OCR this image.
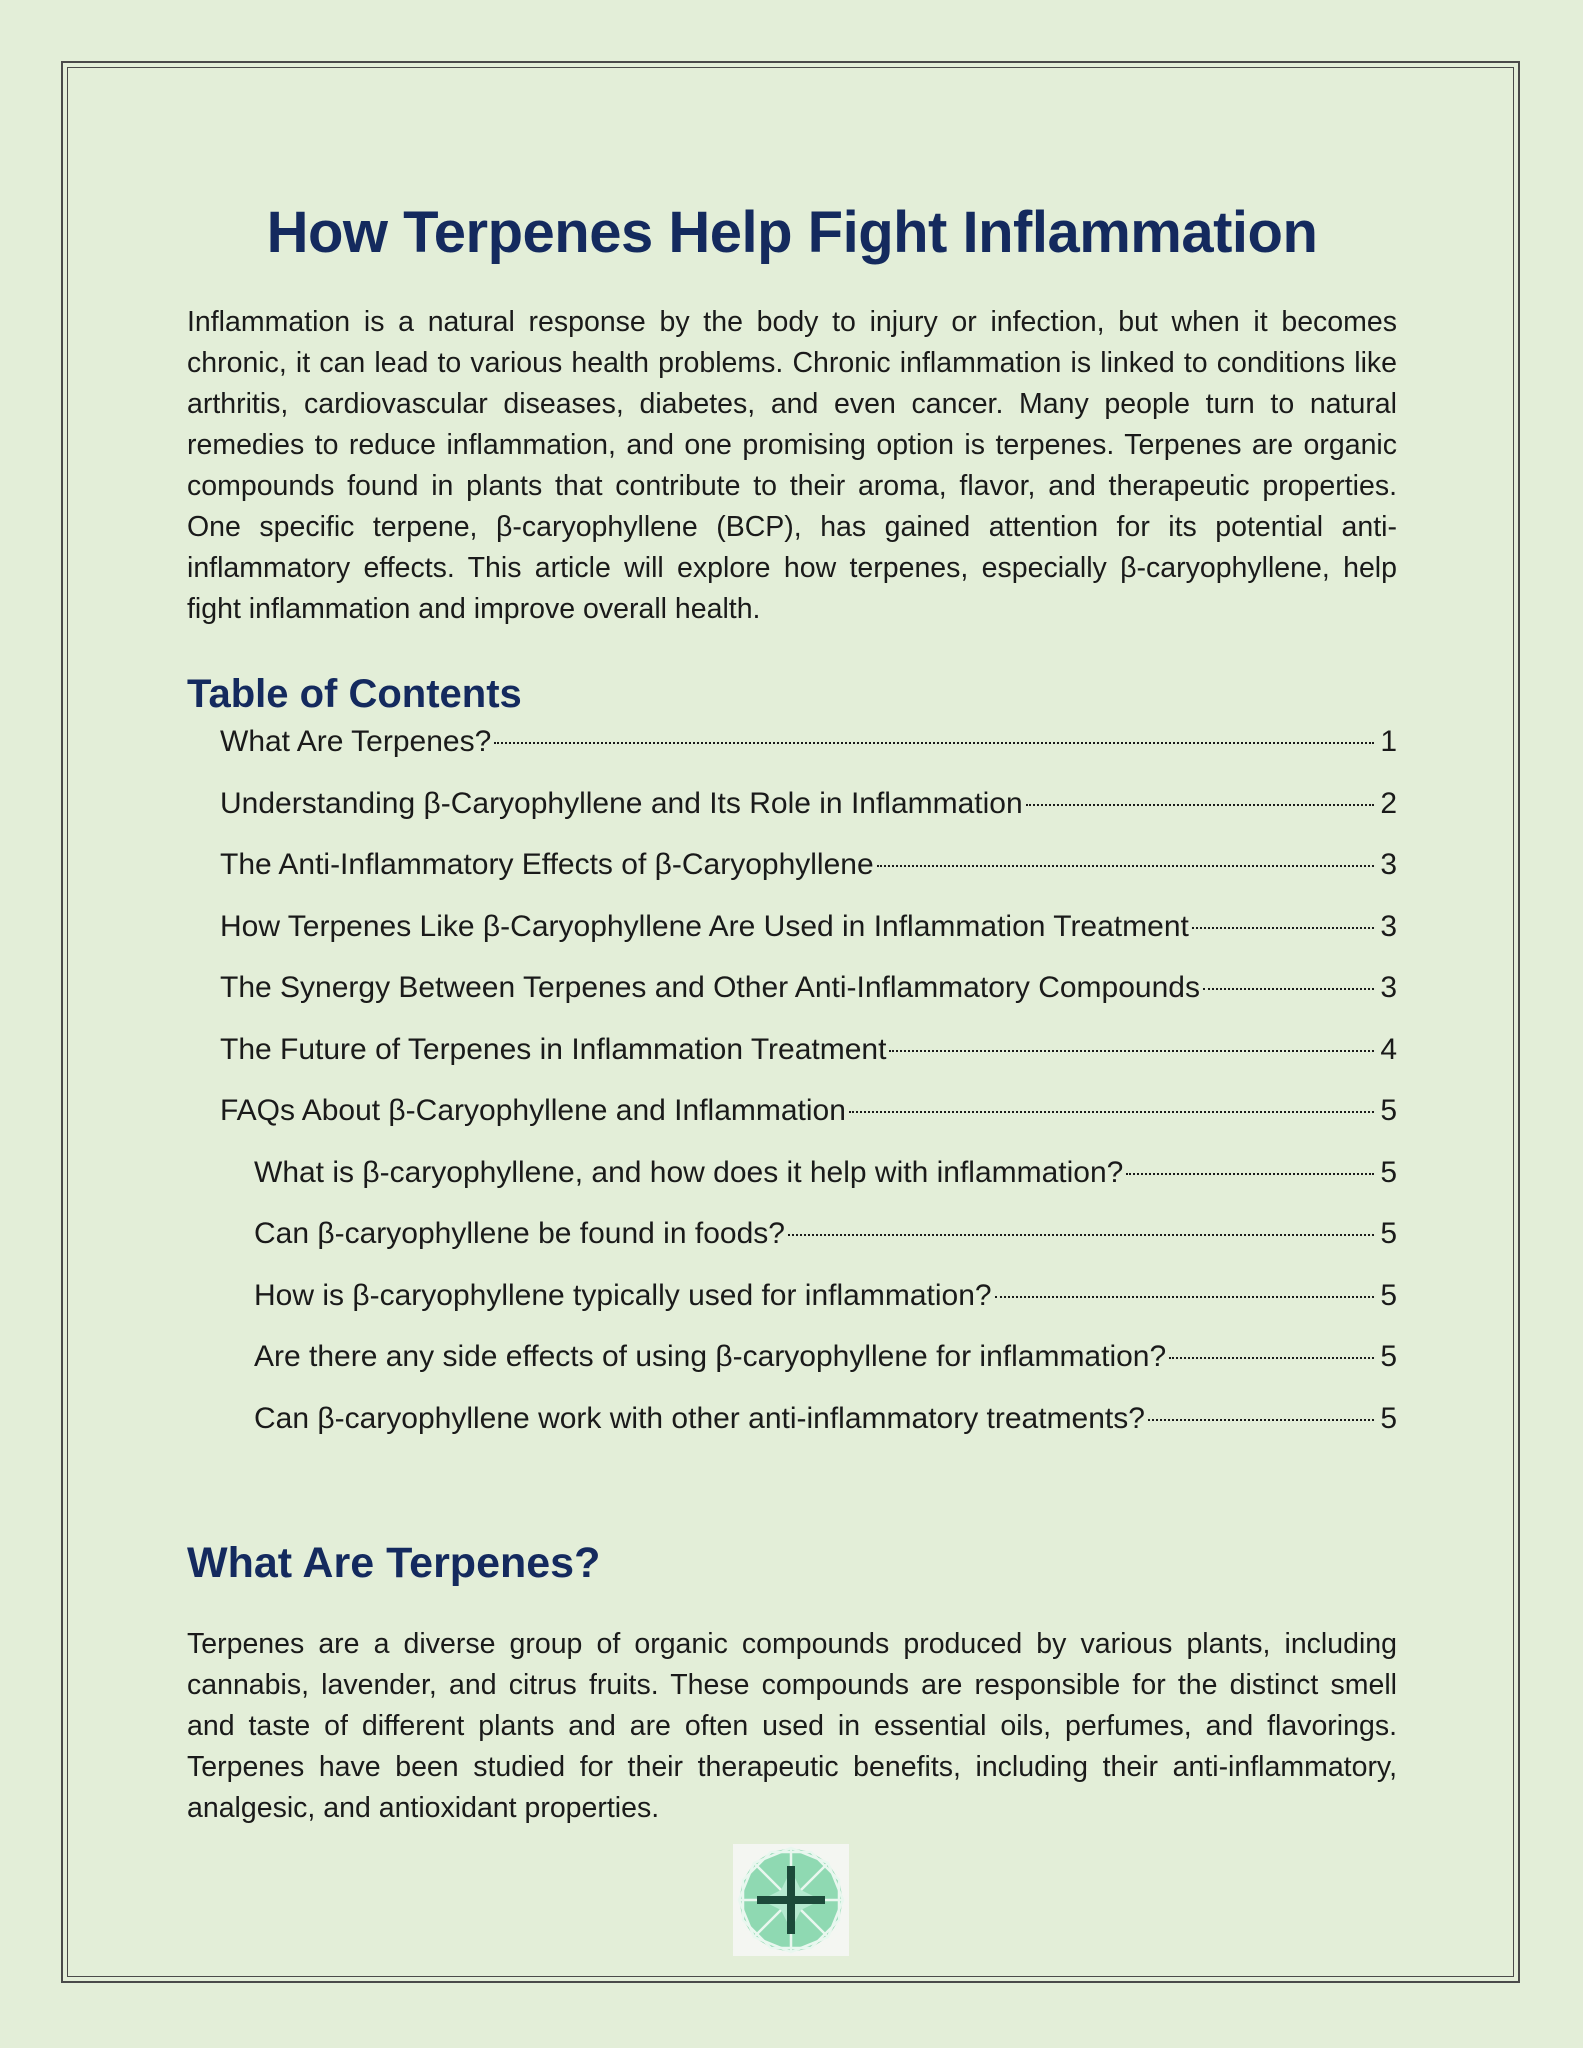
How Terpenes Help Fight Inflammation

Inflammation is a natural response by the body to injury or infection, but when it becomes chronic, it can lead to various health problems. Chronic inflammation is linked to conditions like arthritis, cardiovascular diseases, diabetes, and even cancer. Many people turn to natural remedies to reduce inflammation, and one promising option is terpenes. Terpenes are organic compounds found in plants that contribute to their aroma, flavor, and therapeutic properties. One specific terpene, β-caryophyllene (BCP), has gained attention for its potential anti-inflammatory effects. This article will explore how terpenes, especially β-caryophyllene, help fight inflammation and improve overall health.

Table of Contents
What Are Terpenes?	1
Understanding β-Caryophyllene and Its Role in Inflammation	2
The Anti-Inflammatory Effects of β-Caryophyllene	3
How Terpenes Like β-Caryophyllene Are Used in Inflammation Treatment	3
The Synergy Between Terpenes and Other Anti-Inflammatory Compounds	3
The Future of Terpenes in Inflammation Treatment	4
FAQs About β-Caryophyllene and Inflammation	5
What is β-caryophyllene, and how does it help with inflammation?	5
Can β-caryophyllene be found in foods?	5
How is β-caryophyllene typically used for inflammation?	5
Are there any side effects of using β-caryophyllene for inflammation?	5
Can β-caryophyllene work with other anti-inflammatory treatments?	5
What Are Terpenes?

Terpenes are a diverse group of organic compounds produced by various plants, including cannabis, lavender, and citrus fruits. These compounds are responsible for the distinct smell and taste of different plants and are often used in essential oils, perfumes, and flavorings. Terpenes have been studied for their therapeutic benefits, including their anti-inflammatory, analgesic, and antioxidant properties.
